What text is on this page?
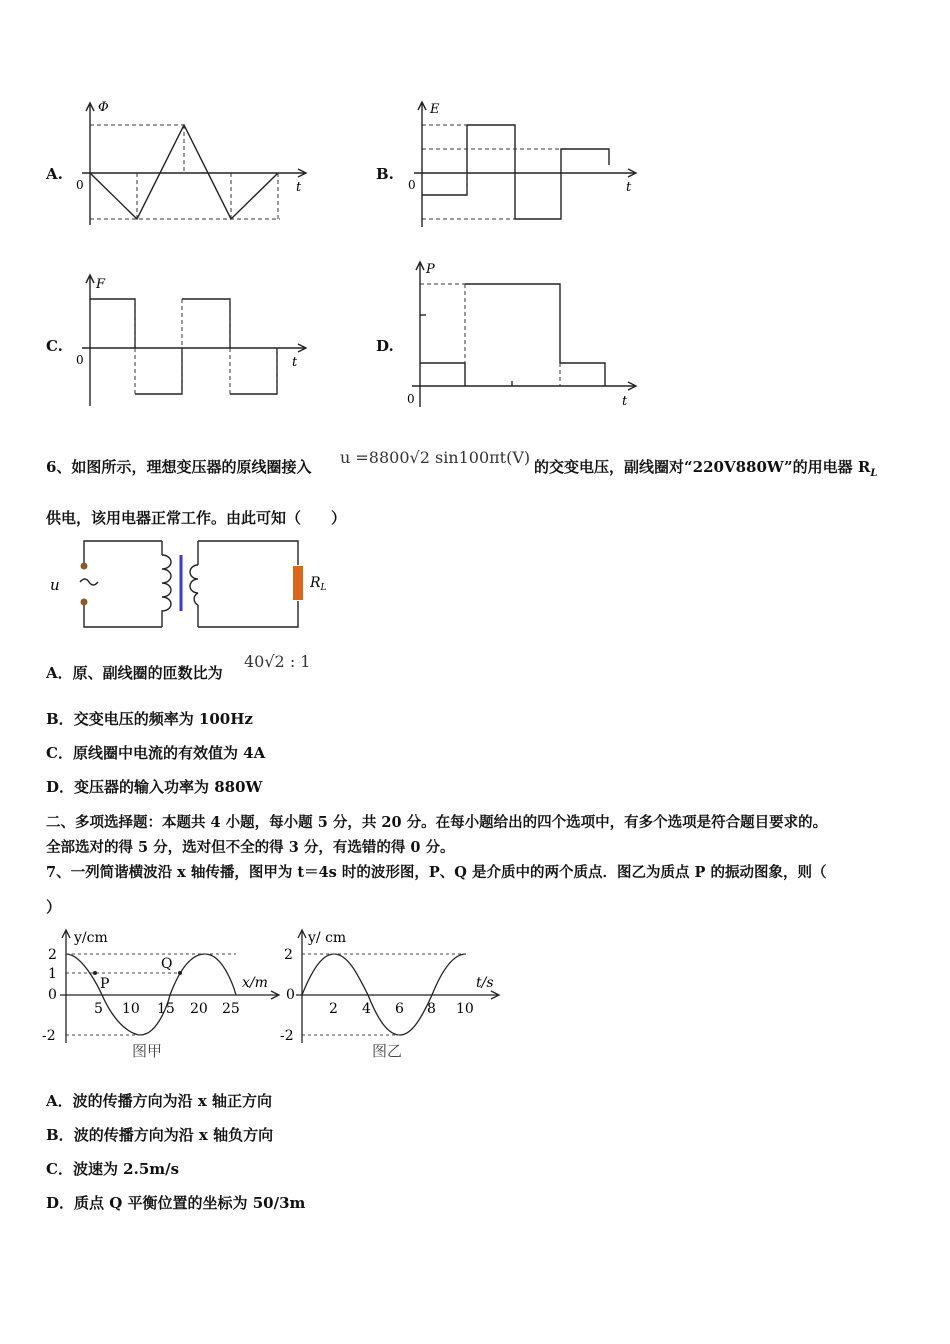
A.
Φ
0	t
B.
E
0	t
C.
F
0	t
D.
P
0	t
6、如图所示，理想变压器的原线圈接入 u =8800√2 sin100πt(V) 的交变电压，副线圈对“220V880W”的用电器 $R_L$
供电，该用电器正常工作。由此可知（　　）
u	$R_L$
A．原、副线圈的匝数比为
40√2 : 1
B．交变电压的频率为 100Hz
C．原线圈中电流的有效值为 4A
D．变压器的输入功率为 880W
二、多项选择题：本题共 4 小题，每小题 5 分，共 20 分。在每小题给出的四个选项中，有多个选项是符合题目要求的。
全部选对的得 5 分，选对但不全的得 3 分，有选错的得 0 分。
7、一列简谐横波沿 x 轴传播，图甲为 t＝4s 时的波形图，P、Q 是介质中的两个质点．图乙为质点 P 的振动图象，则（
）
y/cm
x/m
2
1
0
-2
5 10 15 20 25
P
Q
图甲
y/ cm
t/s
2
0
-2
2 4 6 8 10
图乙
A．波的传播方向为沿 x 轴正方向
B．波的传播方向为沿 x 轴负方向
C．波速为 2.5m/s
D．质点 Q 平衡位置的坐标为 50/3m
